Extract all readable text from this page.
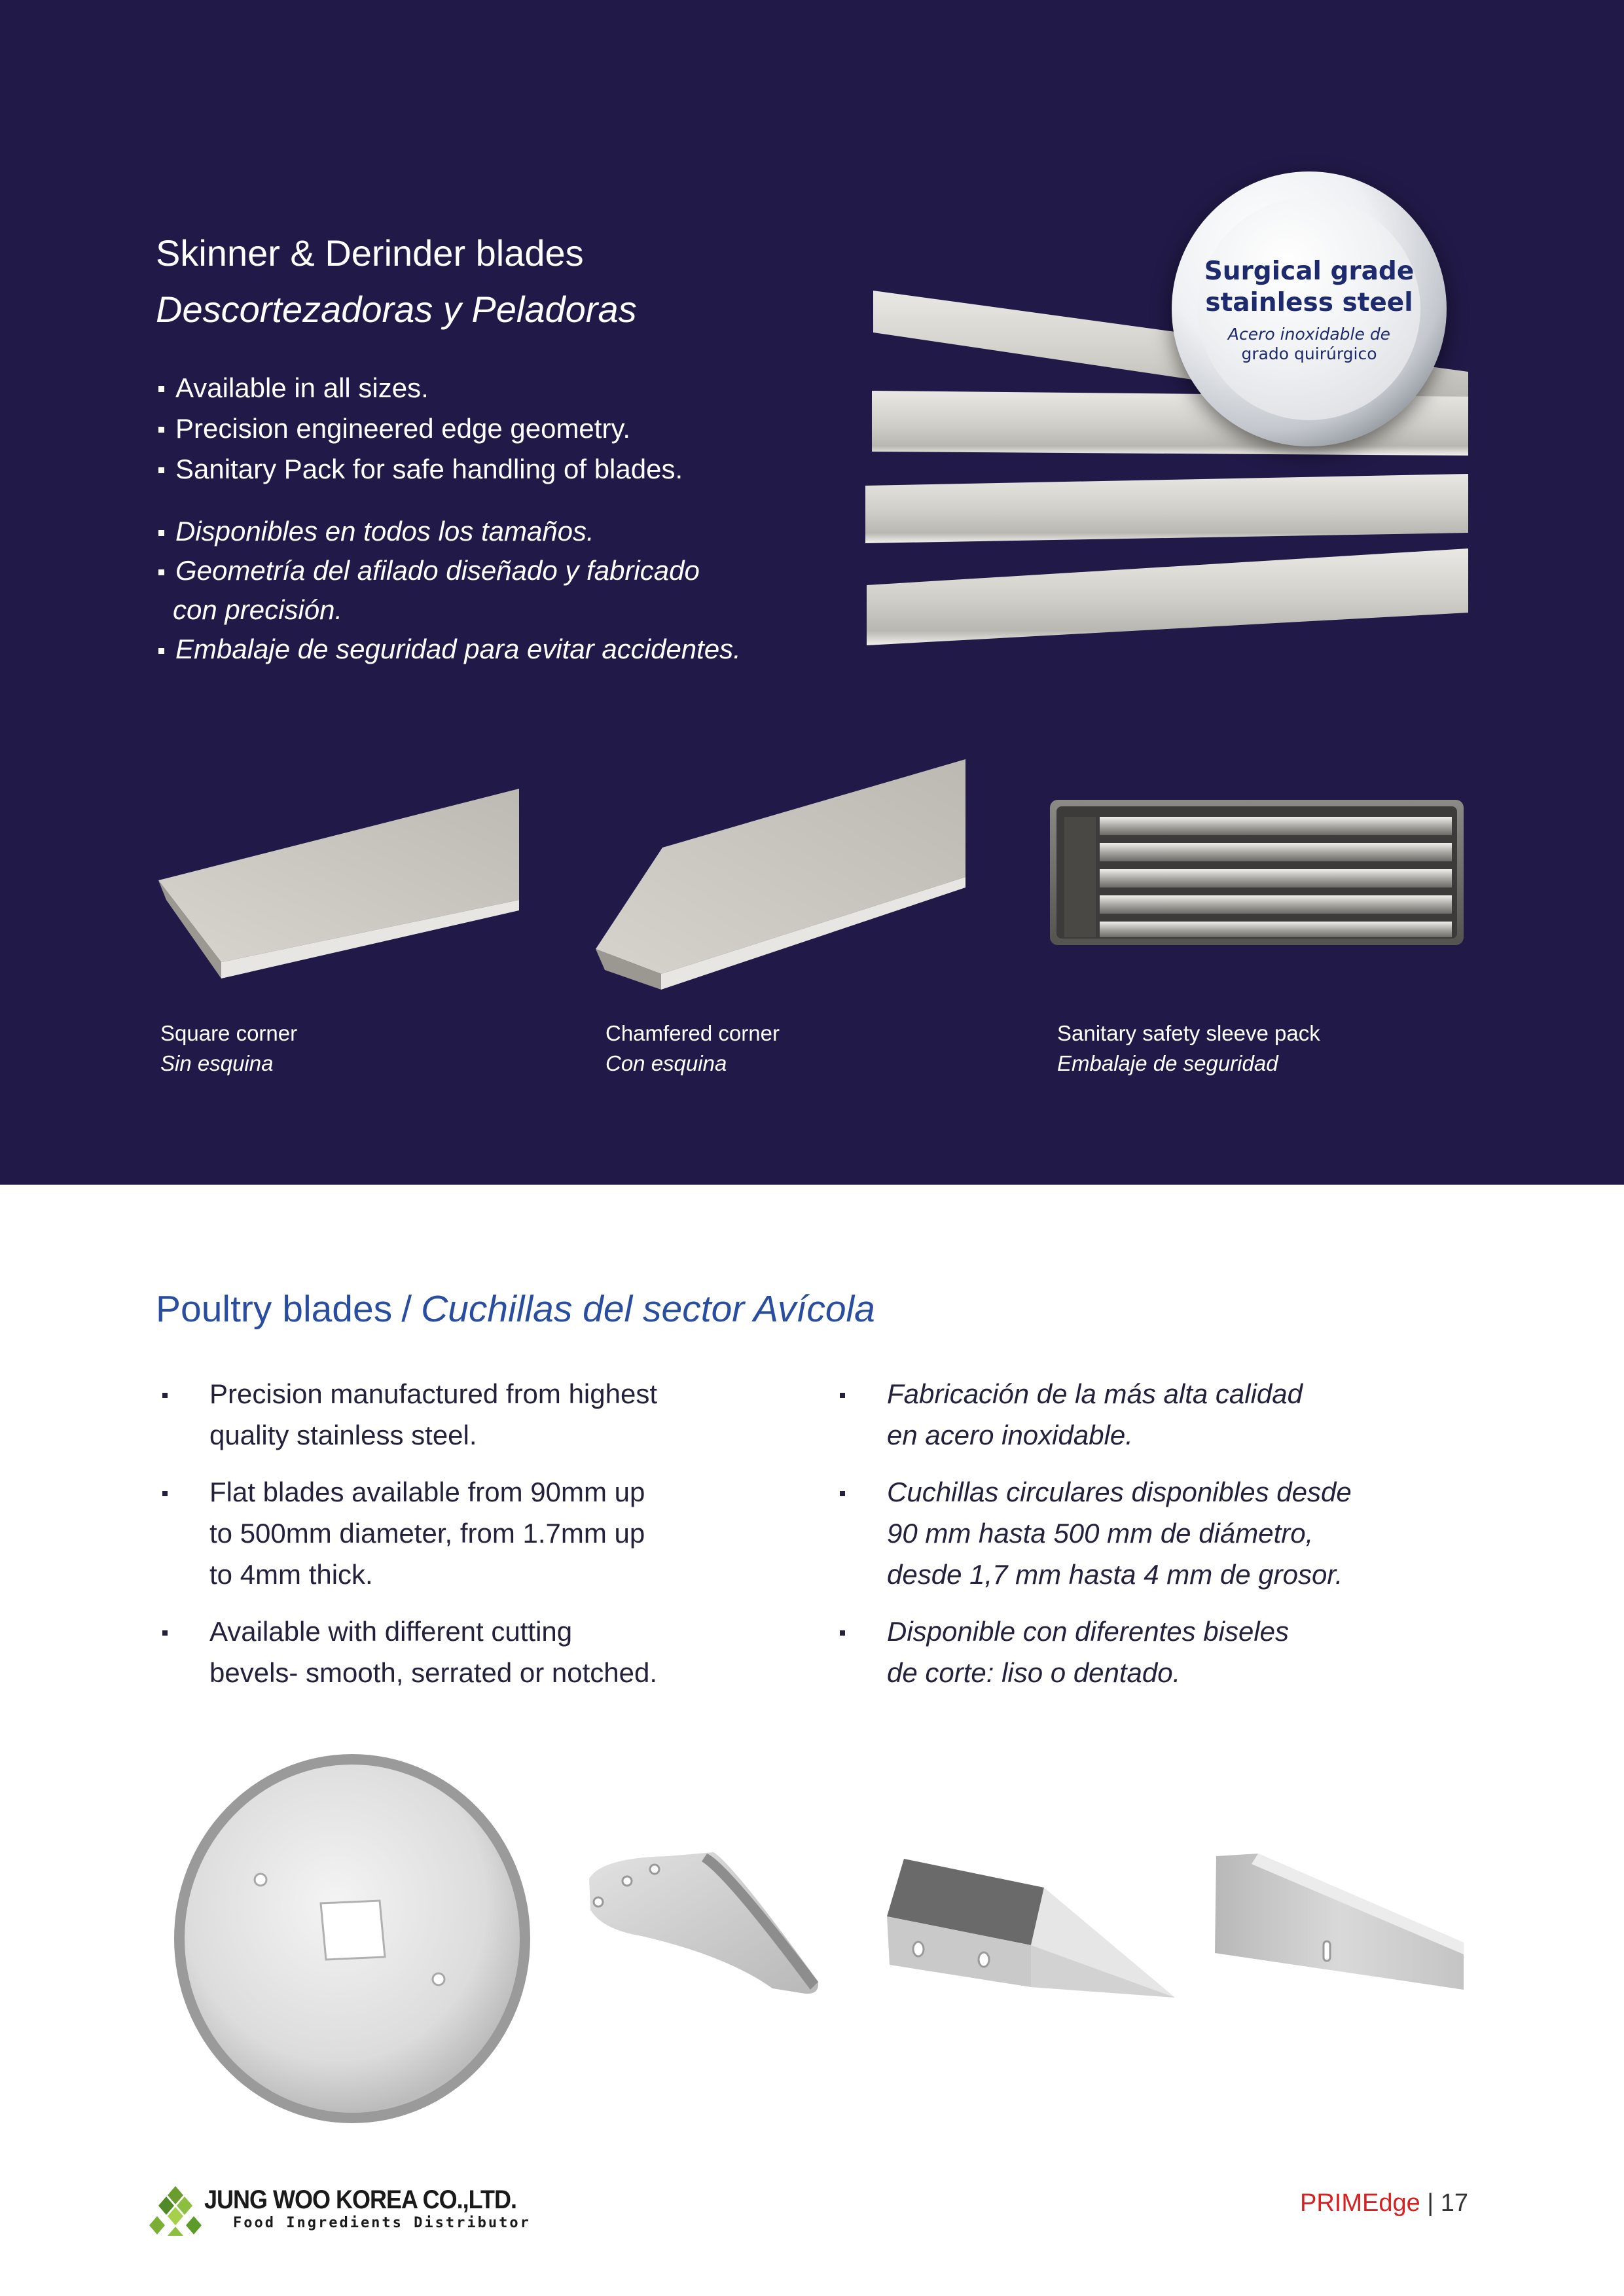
Skinner & Derinder blades
Descortezadoras y Peladoras
Available in all sizes.
Precision engineered edge geometry.
Sanitary Pack for safe handling of blades.
Disponibles en todos los tamaños.
Geometría del afilado diseñado y fabricado
con precisión.
Embalaje de seguridad para evitar accidentes.
Surgical grade
stainless steel
Acero inoxidable de
grado quirúrgico
Square corner
Sin esquina
Chamfered corner
Con esquina
Sanitary safety sleeve pack
Embalaje de seguridad
Poultry blades / Cuchillas del sector Avícola
Precision manufactured from highest
quality stainless steel.
Flat blades available from 90mm up
to 500mm diameter, from 1.7mm up
to 4mm thick.
Available with different cutting
bevels- smooth, serrated or notched.
Fabricación de la más alta calidad
en acero inoxidable.
Cuchillas circulares disponibles desde
90 mm hasta 500 mm de diámetro,
desde 1,7 mm hasta 4 mm de grosor.
Disponible con diferentes biseles
de corte: liso o dentado.
JUNG WOO KOREA CO.,LTD.
Food Ingredients Distributor
PRIMEdge | 17
